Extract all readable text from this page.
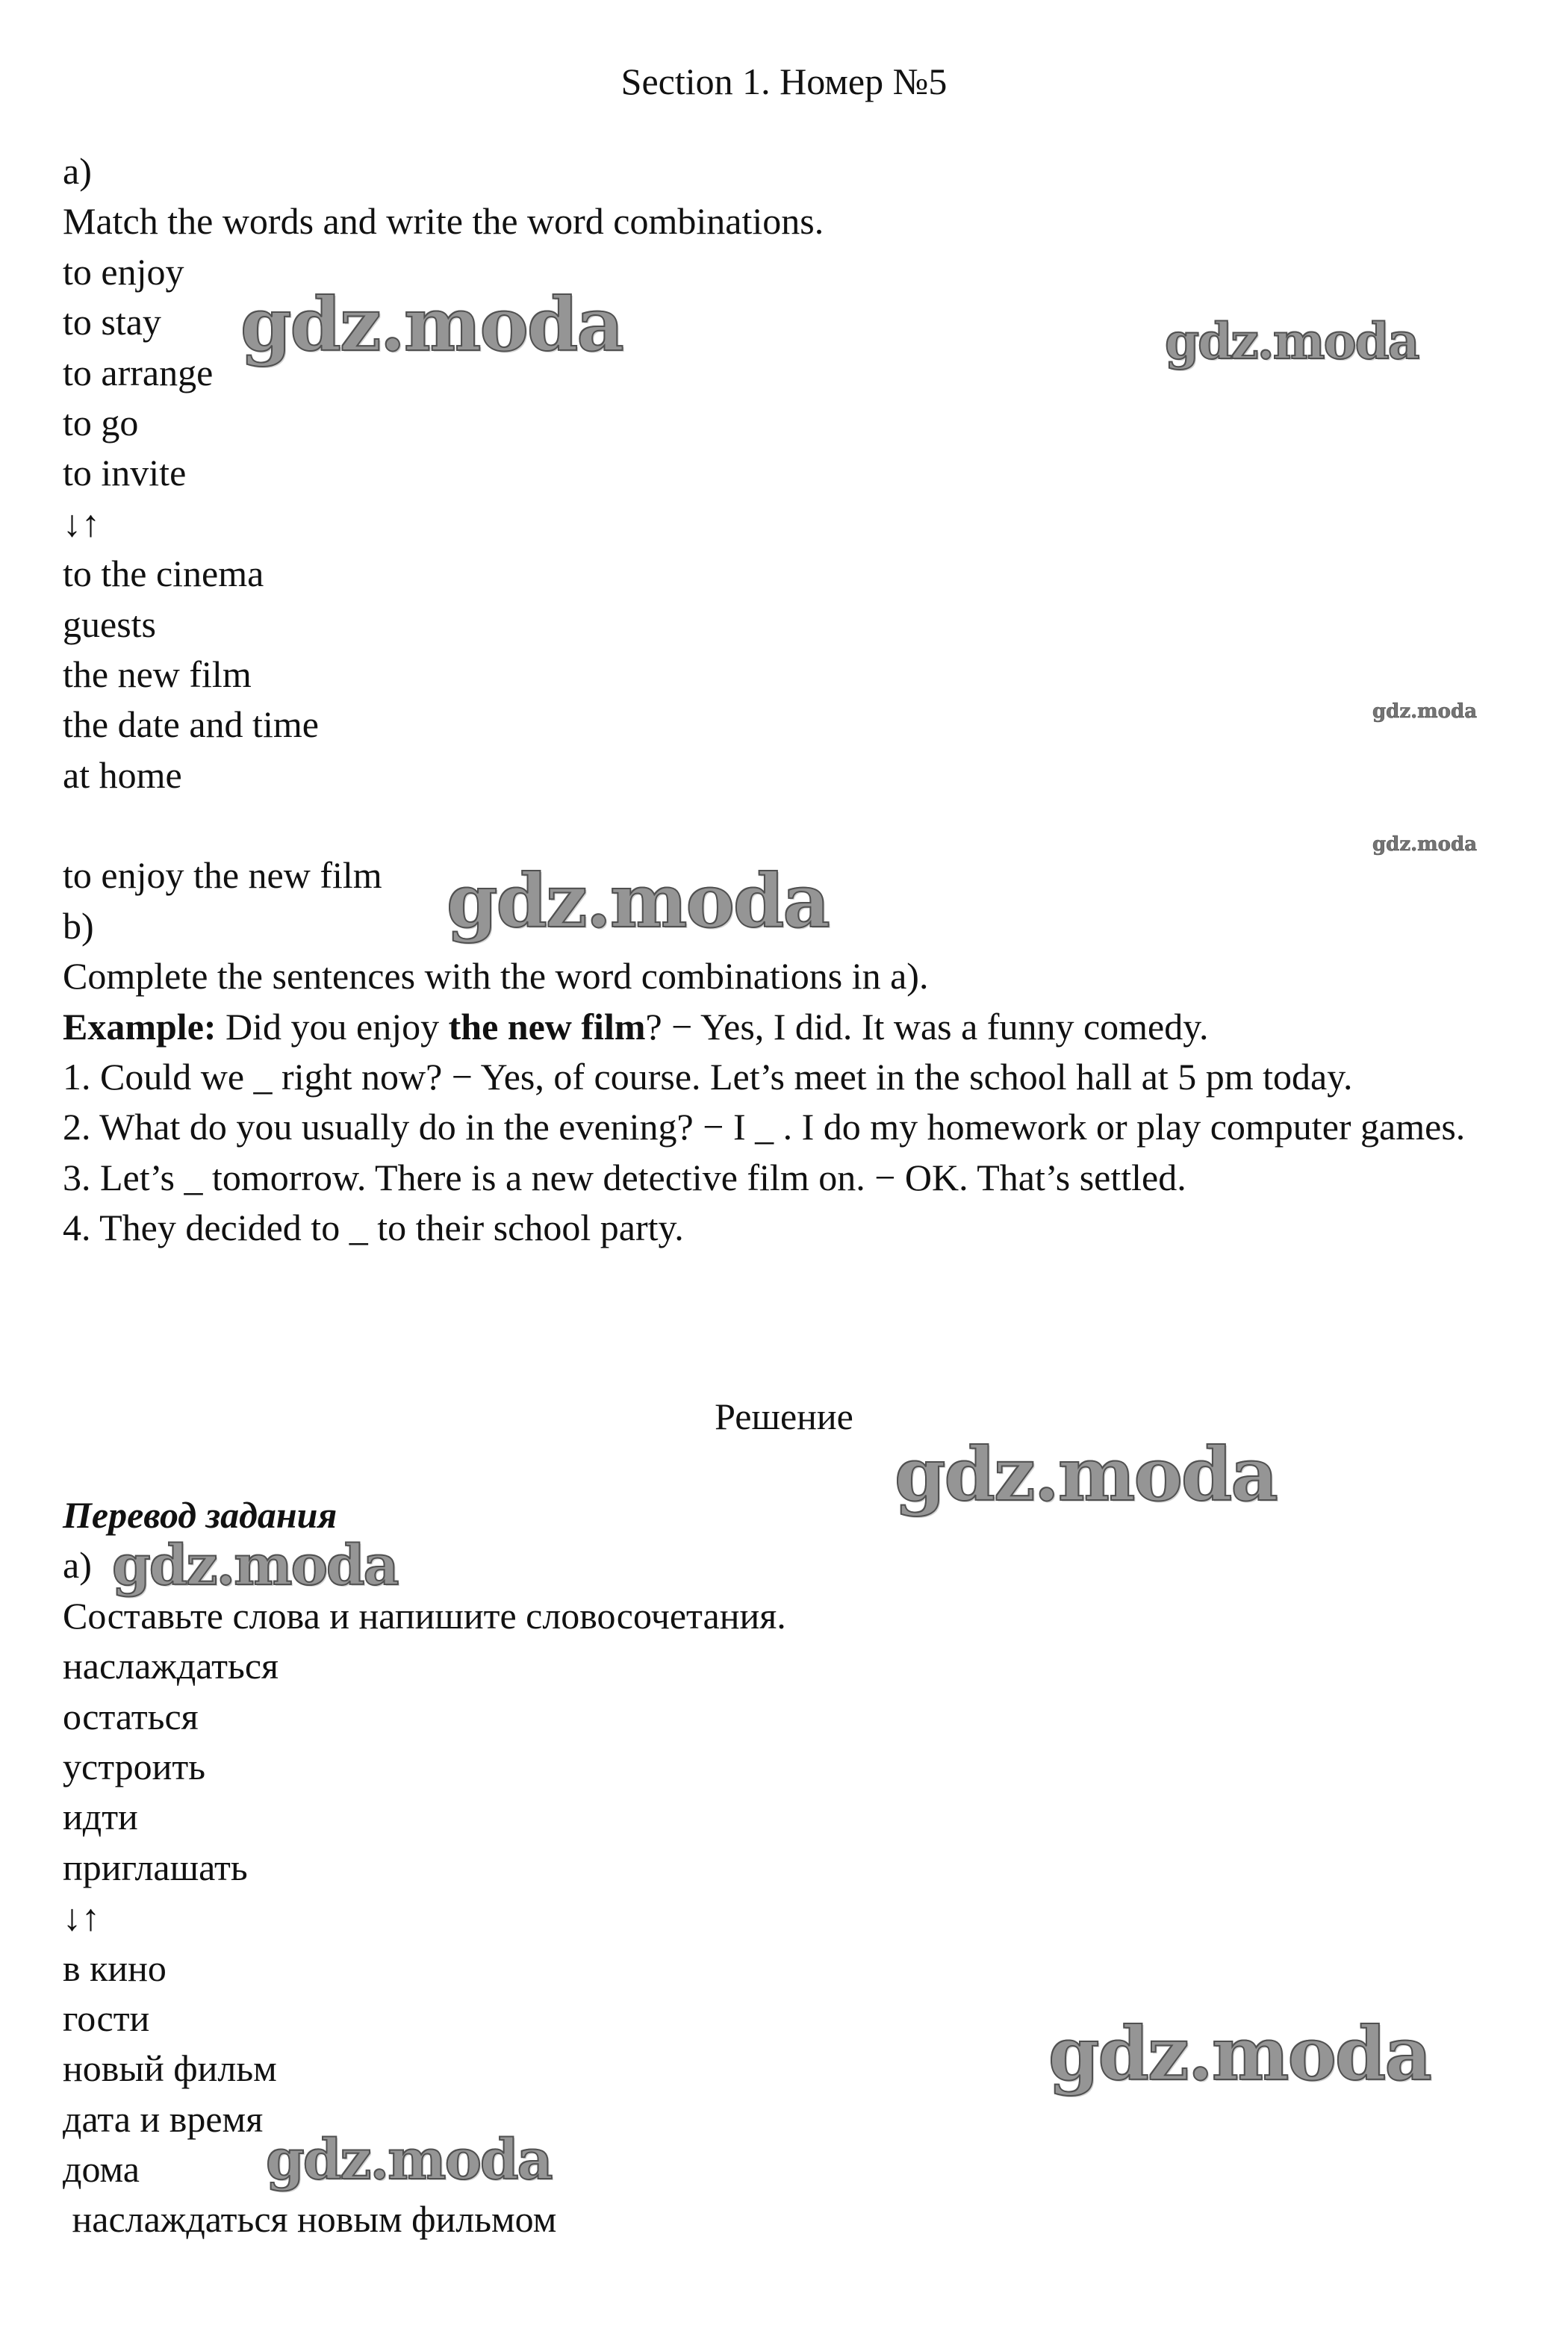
Section 1. Номер №5
a)
Match the words and write the word combinations.
to enjoy
to stay
to arrange
to go
to invite
↓↑
to the cinema
guests
the new film
the date and time
at home
to enjoy the new film
b)
Complete the sentences with the word combinations in a).
Example: Did you enjoy the new film? − Yes, I did. It was a funny comedy.
1. Could we _ right now? − Yes, of course. Let’s meet in the school hall at 5 pm today.
2. What do you usually do in the evening? − I _ . I do my homework or play computer games.
3. Let’s _ tomorrow. There is a new detective film on. − OK. That’s settled.
4. They decided to _ to their school party.
Решение
Перевод задания
a)
Составьте слова и напишите словосочетания.
наслаждаться
остаться
устроить
идти
приглашать
↓↑
в кино
гости
новый фильм
дата и время
дома
наслаждаться новым фильмом
gdz.moda	gdz.moda
gdz.moda
gdz.moda
gdz.moda
gdz.moda
gdz.moda
gdz.moda
gdz.moda
